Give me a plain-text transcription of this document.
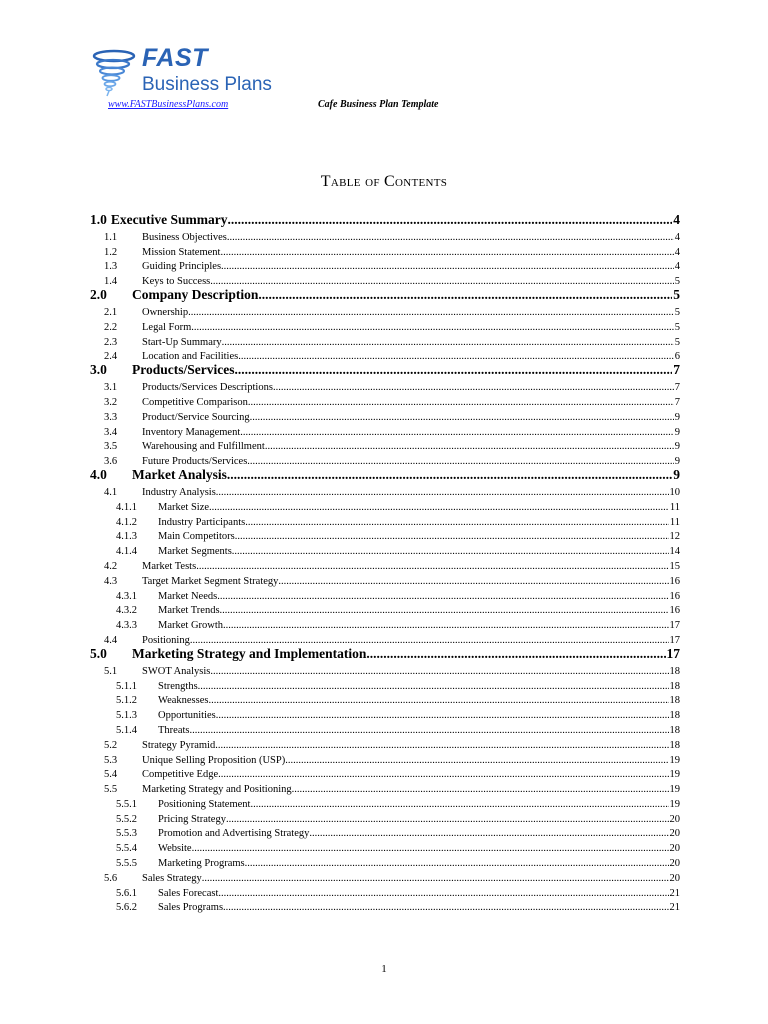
FAST
Business Plans
www.FASTBusinessPlans.com	Cafe Business Plan Template
Table of Contents
1.0 Executive Summary .....	4
1.1	Business Objectives .....	4
1.2	Mission Statement .....	4
1.3	Guiding Principles .....	4
1.4	Keys to Success .....	5
2.0	Company Description .....	5
2.1	Ownership .....	5
2.2	Legal Form .....	5
2.3	Start-Up Summary .....	5
2.4	Location and Facilities .....	6
3.0	Products/Services .....	7
3.1	Products/Services Descriptions .....	7
3.2	Competitive Comparison .....	7
3.3	Product/Service Sourcing .....	9
3.4	Inventory Management .....	9
3.5	Warehousing and Fulfillment .....	9
3.6	Future Products/Services .....	9
4.0	Market Analysis .....	9
4.1	Industry Analysis .....	10
4.1.1	Market Size .....	11
4.1.2	Industry Participants .....	11
4.1.3	Main Competitors .....	12
4.1.4	Market Segments .....	14
4.2	Market Tests .....	15
4.3	Target Market Segment Strategy .....	16
4.3.1	Market Needs .....	16
4.3.2	Market Trends .....	16
4.3.3	Market Growth .....	17
4.4	Positioning .....	17
5.0	Marketing Strategy and Implementation .....	17
5.1	SWOT Analysis .....	18
5.1.1	Strengths .....	18
5.1.2	Weaknesses .....	18
5.1.3	Opportunities .....	18
5.1.4	Threats .....	18
5.2	Strategy Pyramid .....	18
5.3	Unique Selling Proposition (USP) .....	19
5.4	Competitive Edge .....	19
5.5	Marketing Strategy and Positioning .....	19
5.5.1	Positioning Statement .....	19
5.5.2	Pricing Strategy .....	20
5.5.3	Promotion and Advertising Strategy .....	20
5.5.4	Website .....	20
5.5.5	Marketing Programs .....	20
5.6	Sales Strategy .....	20
5.6.1	Sales Forecast .....	21
5.6.2	Sales Programs .....	21
1
